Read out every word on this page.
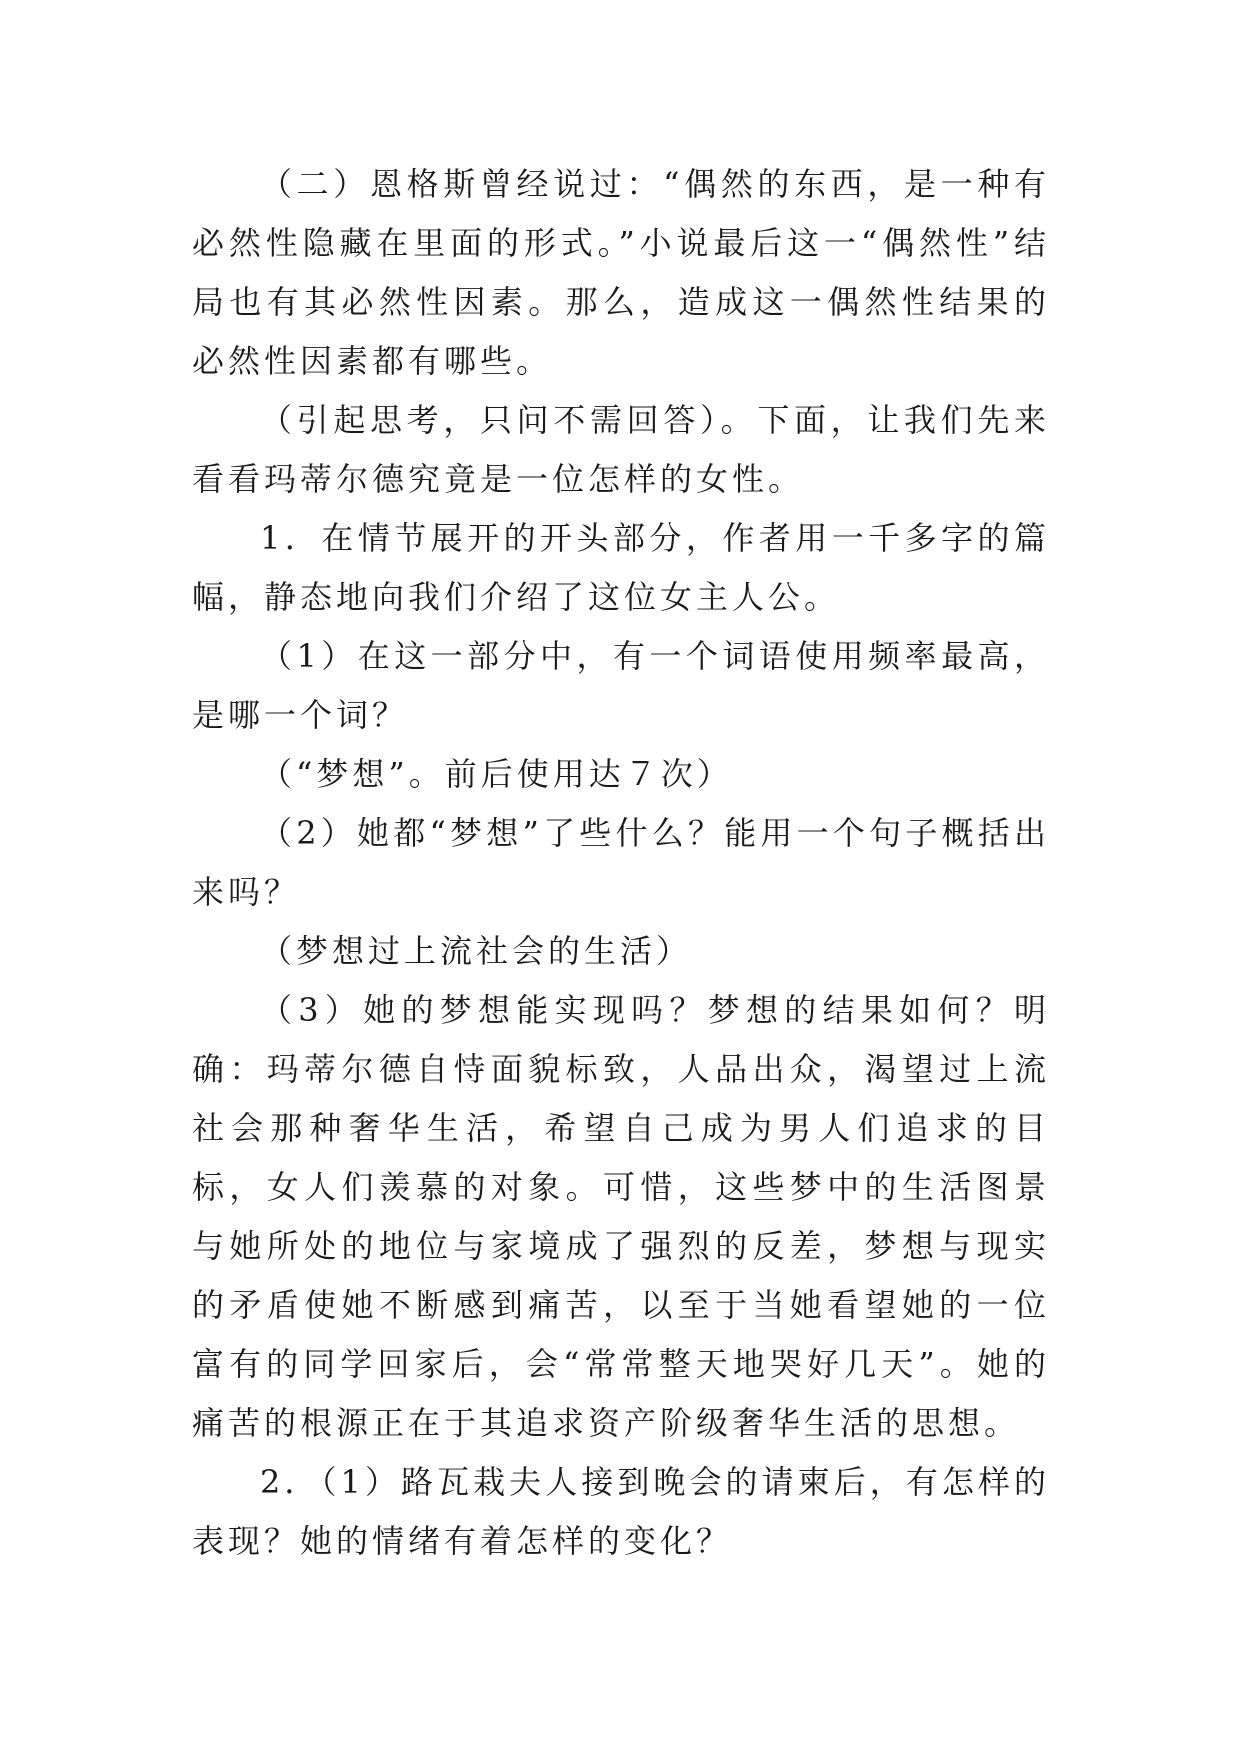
（二）恩格斯曾经说过：“偶然的东西，是一种有必然性隐藏在里面的形式。”小说最后这一“偶然性”结局也有其必然性因素。那么，造成这一偶然性结果的必然性因素都有哪些。

（引起思考，只问不需回答）。下面，让我们先来看看玛蒂尔德究竟是一位怎样的女性。

1．在情节展开的开头部分，作者用一千多字的篇幅，静态地向我们介绍了这位女主人公。

（1）在这一部分中，有一个词语使用频率最高，是哪一个词？

（“梦想”。前后使用达７次）

（2）她都“梦想”了些什么？能用一个句子概括出来吗？

（梦想过上流社会的生活）

（3）她的梦想能实现吗？梦想的结果如何？明确：玛蒂尔德自恃面貌标致，人品出众，渴望过上流社会那种奢华生活，希望自己成为男人们追求的目标，女人们羡慕的对象。可惜，这些梦中的生活图景与她所处的地位与家境成了强烈的反差，梦想与现实的矛盾使她不断感到痛苦，以至于当她看望她的一位富有的同学回家后，会“常常整天地哭好几天”。她的痛苦的根源正在于其追求资产阶级奢华生活的思想。

2．（1）路瓦栽夫人接到晚会的请柬后，有怎样的表现？她的情绪有着怎样的变化？
